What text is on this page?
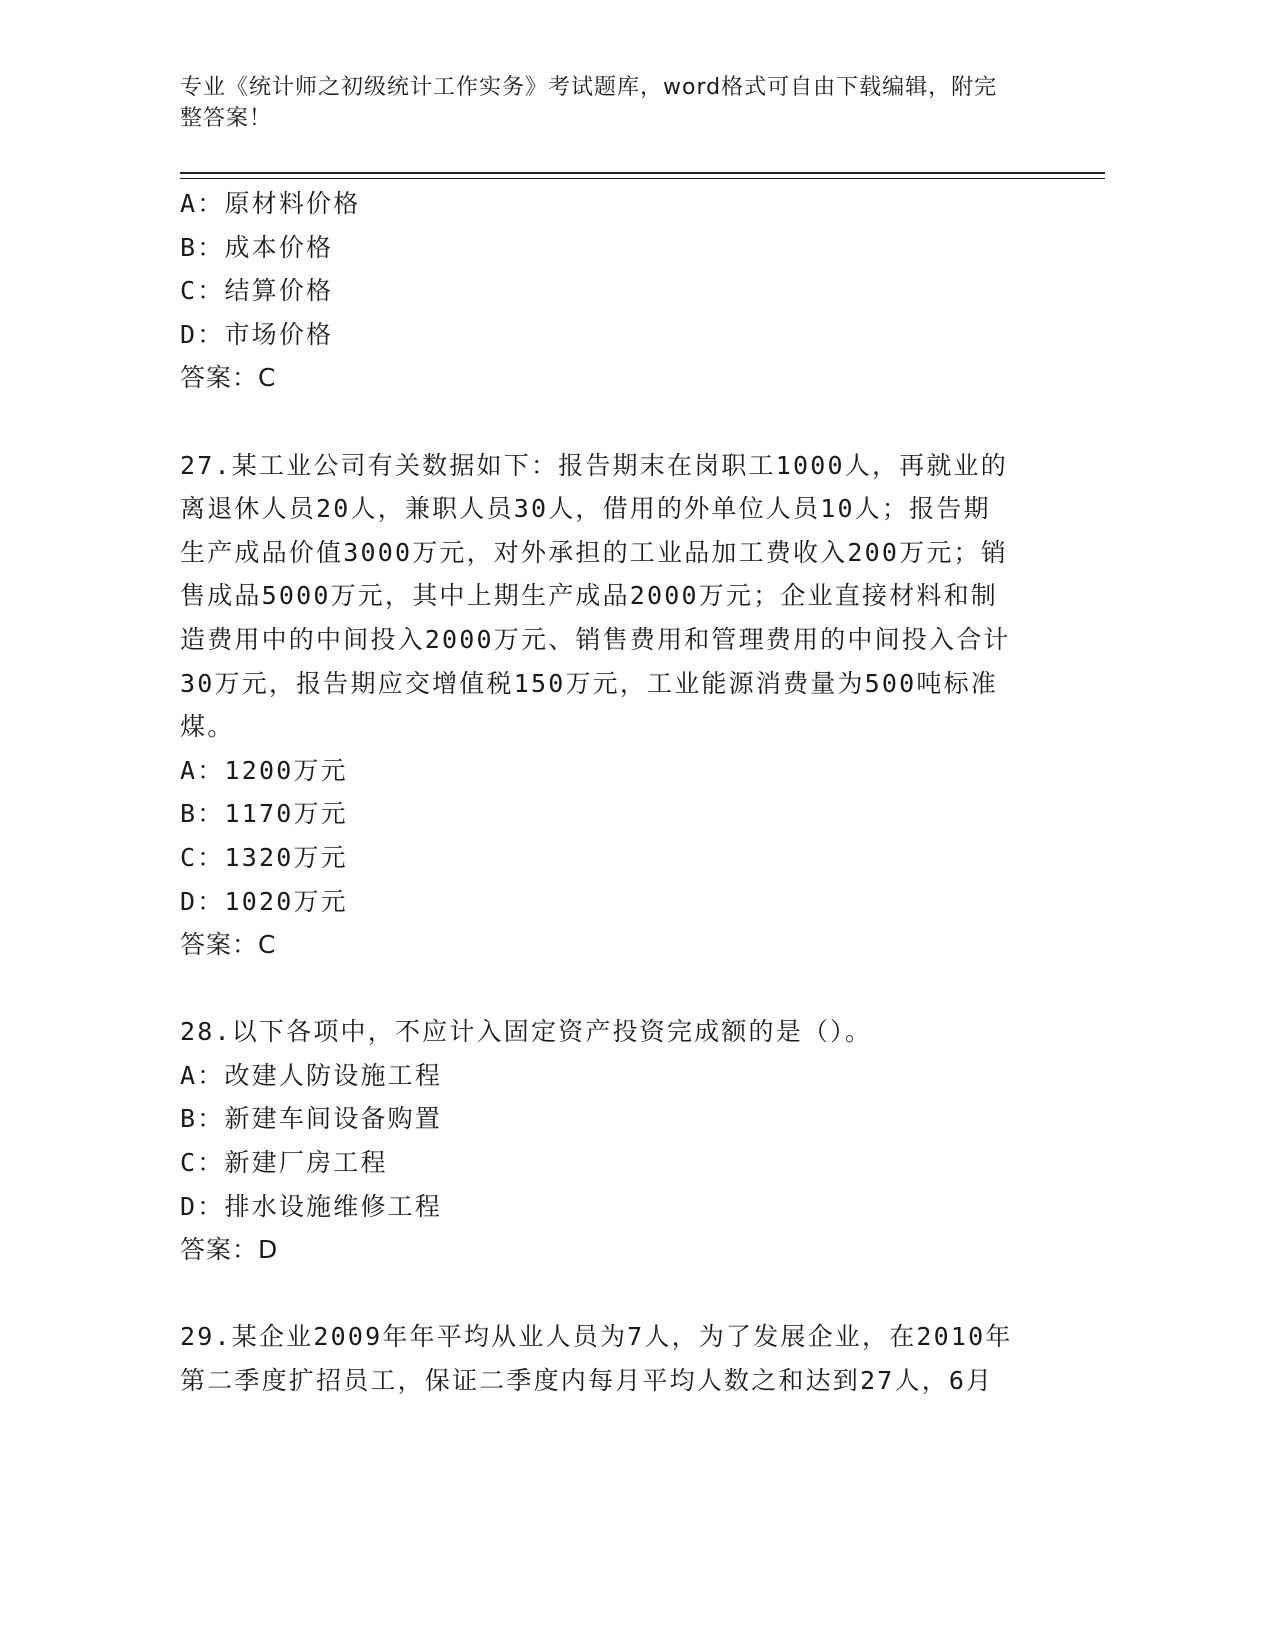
专业《统计师之初级统计工作实务》考试题库，word格式可自由下载编辑，附完
整答案！
A：原材料价格
B：成本价格
C：结算价格
D：市场价格
答案：C
27.某工业公司有关数据如下：报告期末在岗职工1000人，再就业的
离退休人员20人，兼职人员30人，借用的外单位人员10人；报告期
生产成品价值3000万元，对外承担的工业品加工费收入200万元；销
售成品5000万元，其中上期生产成品2000万元；企业直接材料和制
造费用中的中间投入2000万元、销售费用和管理费用的中间投入合计
30万元，报告期应交增值税150万元，工业能源消费量为500吨标准
煤。
A：1200万元
B：1170万元
C：1320万元
D：1020万元
答案：C
28.以下各项中，不应计入固定资产投资完成额的是（）。
A：改建人防设施工程
B：新建车间设备购置
C：新建厂房工程
D：排水设施维修工程
答案：D
29.某企业2009年年平均从业人员为7人，为了发展企业，在2010年
第二季度扩招员工，保证二季度内每月平均人数之和达到27人，6月
